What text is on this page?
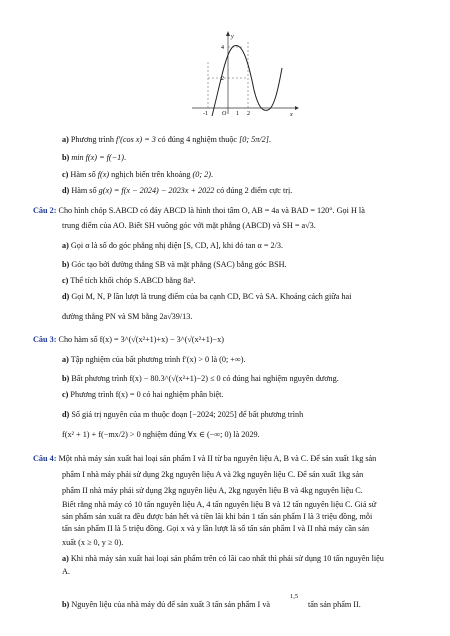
y
x
4
2
-1 O 1 2
a) Phương trình f′(cos x) = 3 có đúng 4 nghiệm thuộc [0; 5π/2].
b) min f(x) = f(−1).
c) Hàm số f(x) nghịch biến trên khoảng (0; 2).
d) Hàm số g(x) = f(x − 2024) − 2023x + 2022 có đúng 2 điểm cực trị.
Câu 2: Cho hình chóp S.ABCD có đáy ABCD là hình thoi tâm O, AB = 4a và BAD = 120°. Gọi H là
trung điểm của AO. Biết SH vuông góc với mặt phẳng (ABCD) và SH = a√3.
a) Gọi α là số đo góc phẳng nhị diện [S, CD, A], khi đó tan α = 2/3.
b) Góc tạo bởi đường thẳng SB và mặt phẳng (SAC) bằng góc BSH.
c) Thể tích khối chóp S.ABCD bằng 8a³.
d) Gọi M, N, P lần lượt là trung điểm của ba cạnh CD, BC và SA. Khoảng cách giữa hai
đường thẳng PN và SM bằng 2a√39/13.
Câu 3: Cho hàm số f(x) = 3^(√(x²+1)+x) − 3^(√(x²+1)−x)
a) Tập nghiệm của bất phương trình f′(x) > 0 là (0; +∞).
b) Bất phương trình f(x) − 80.3^(√(x²+1)−2) ≤ 0 có đúng hai nghiệm nguyên dương.
c) Phương trình f(x) = 0 có hai nghiệm phân biệt.
d) Số giá trị nguyên của m thuộc đoạn [−2024; 2025] để bất phương trình
f(x² + 1) + f(−mx/2) > 0 nghiệm đúng ∀x ∈ (−∞; 0) là 2029.
Câu 4: Một nhà máy sản xuất hai loại sản phẩm I và II từ ba nguyên liệu A, B và C. Để sản xuất 1kg sản
phẩm I nhà máy phải sử dụng 2kg nguyên liệu A và 2kg nguyên liệu C. Để sản xuất 1kg sản
phẩm II nhà máy phải sử dụng 2kg nguyên liệu A, 2kg nguyên liệu B và 4kg nguyên liệu C.
Biết rằng nhà máy có 10 tấn nguyên liệu A, 4 tấn nguyên liệu B và 12 tấn nguyên liệu C. Giả sử
sản phẩm sản xuất ra đều được bán hết và tiền lãi khi bán 1 tấn sản phẩm I là 3 triệu đồng, mỗi
tấn sản phẩm II là 5 triệu đồng. Gọi x và y lần lượt là số tấn sản phẩm I và II nhà máy cần sản
xuất (x ≥ 0, y ≥ 0).
a) Khi nhà máy sản xuất hai loại sản phẩm trên có lãi cao nhất thì phải sử dụng 10 tấn nguyên liệu
A.
b) Nguyên liệu của nhà máy đủ để sản xuất 3 tấn sản phẩm I và
1,5
tấn sản phẩm II.
